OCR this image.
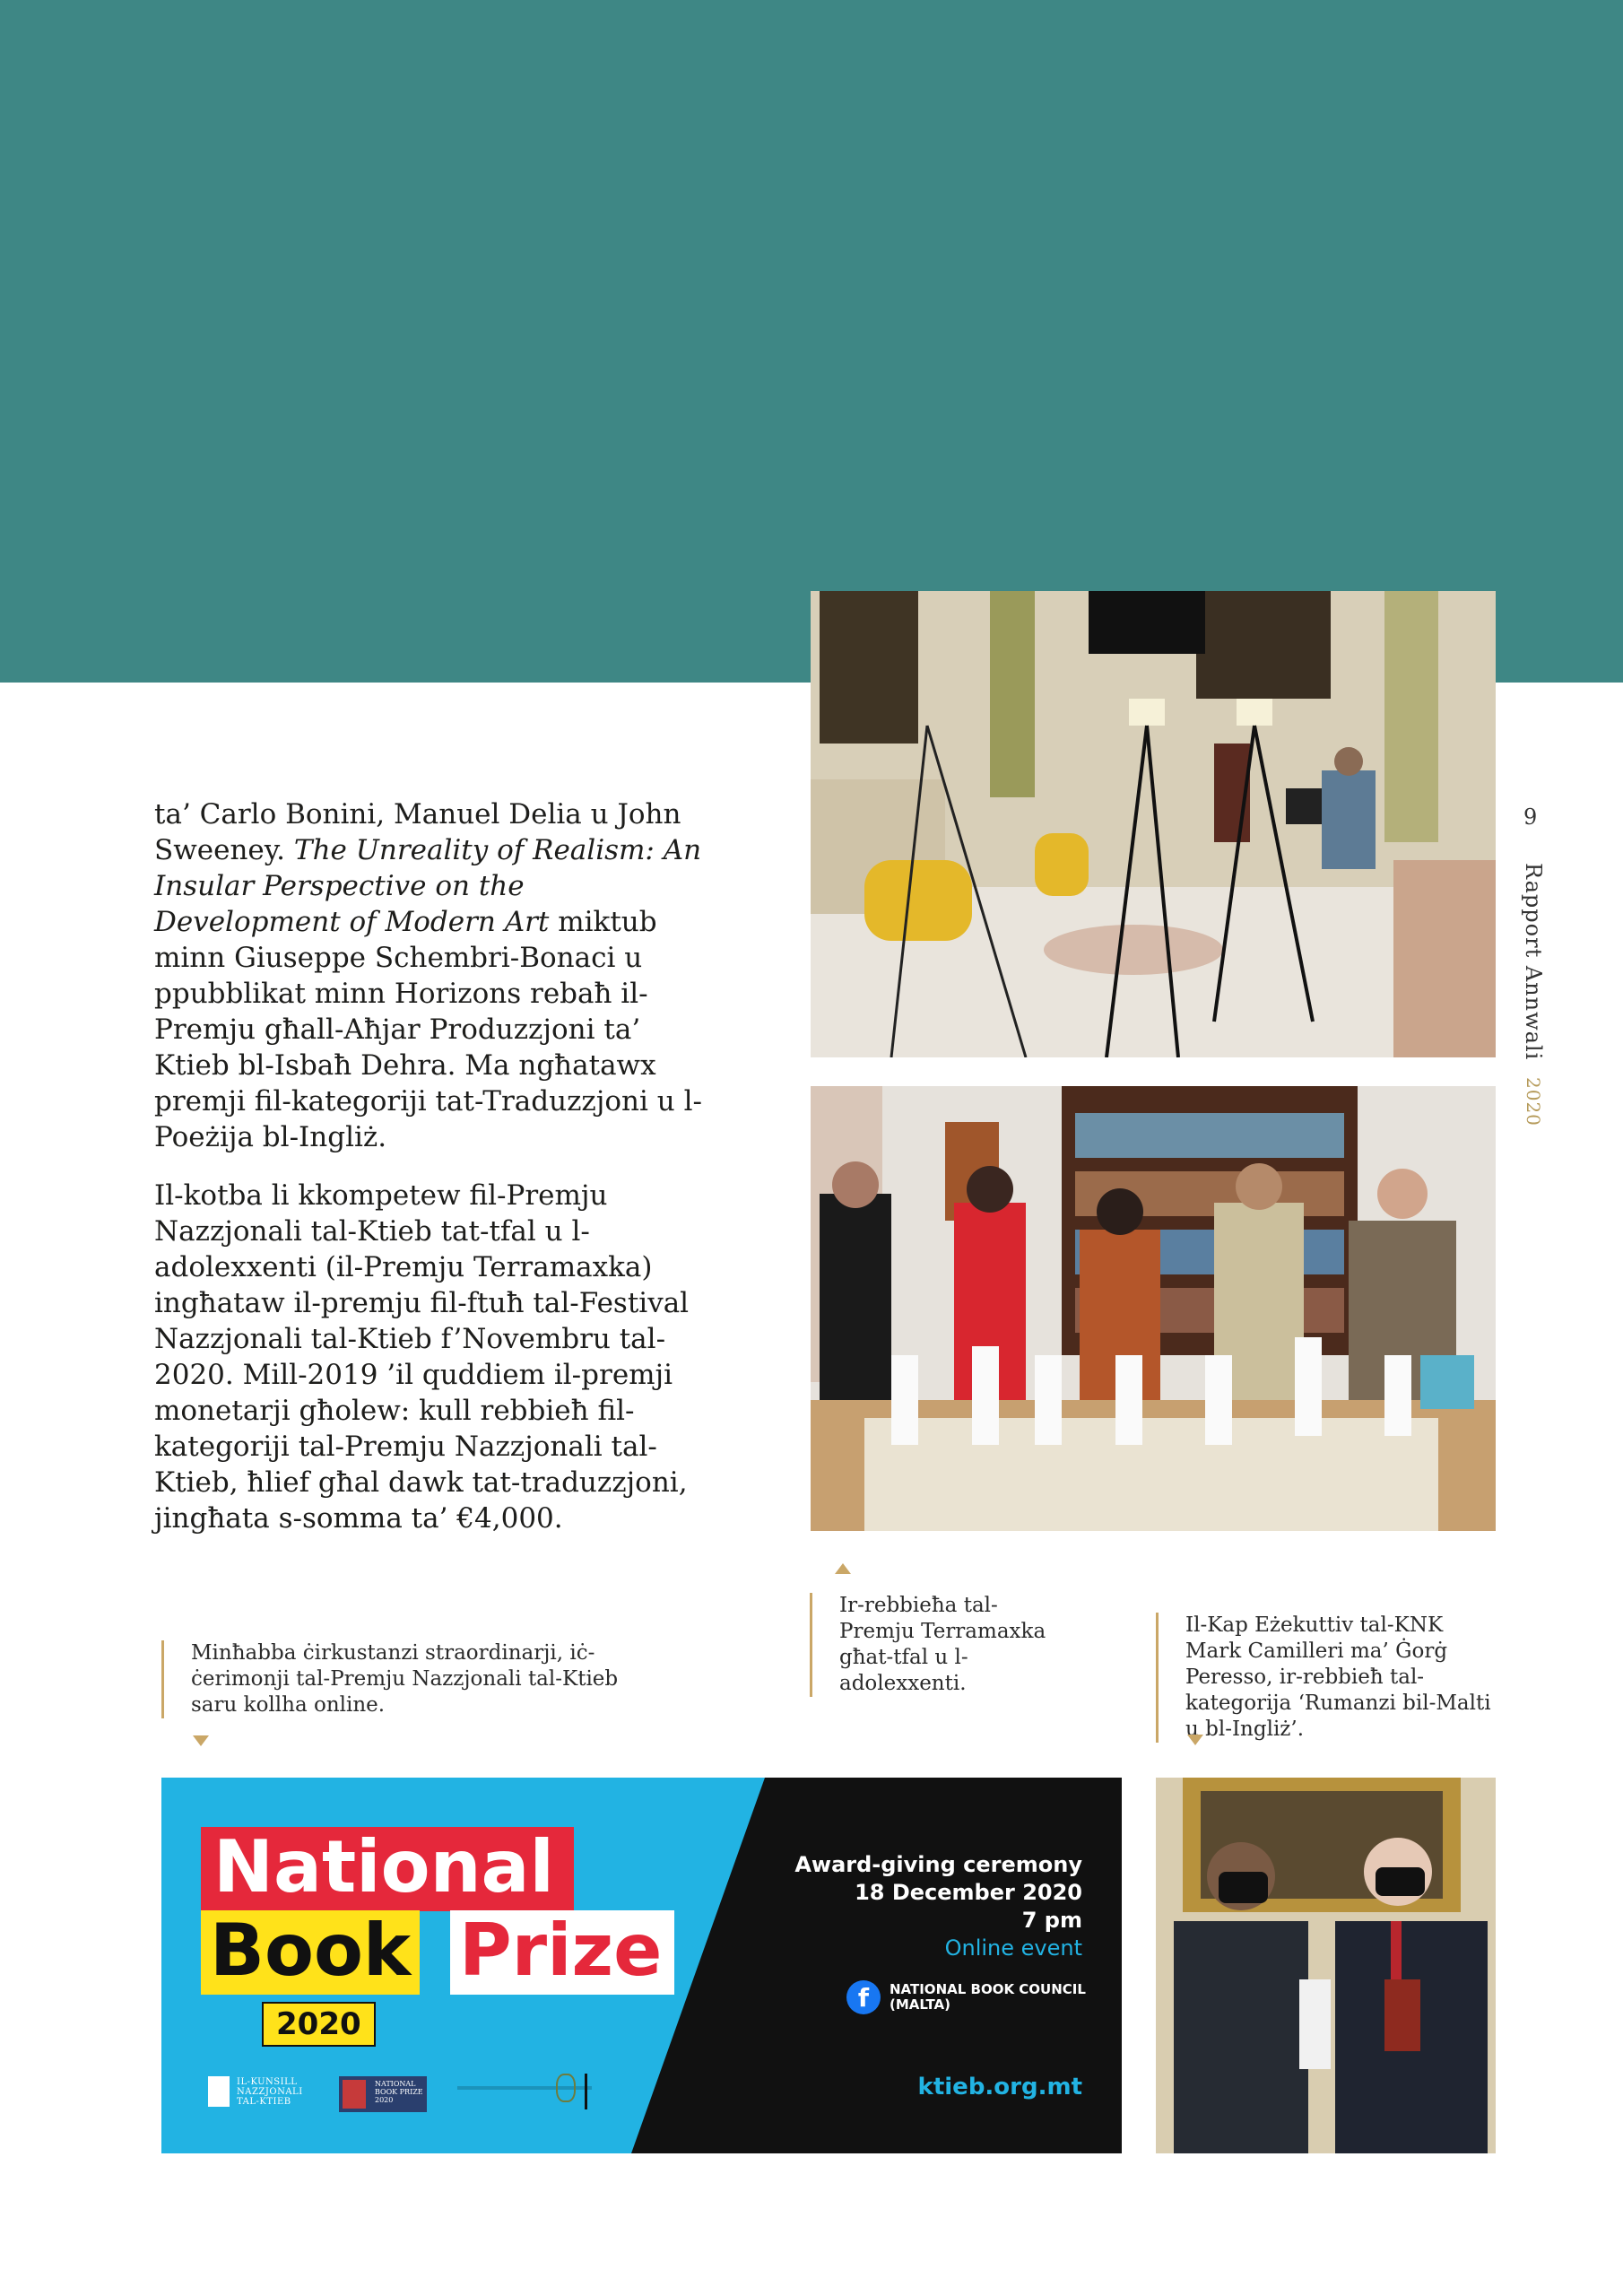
ta’ Carlo Bonini, Manuel Delia u John Sweeney. The Unreality of Realism: An Insular Perspective on the Development of Modern Art miktub minn Giuseppe Schembri-Bonaci u ppubblikat minn Horizons rebaħ il-Premju għall-Aħjar Produzzjoni ta’ Ktieb bl-Isbaħ Dehra. Ma ngħatawx premji fil-kategoriji tat-Traduzzjoni u l-Poeżija bl-Ingliż.

Il-kotba li kkompetew fil-Premju Nazzjonali tal-Ktieb tat-tfal u l-adolexxenti (il-Premju Terramaxka) ingħataw il-premju fil-ftuħ tal-Festival Nazzjonali tal-Ktieb f’Novembru tal-2020. Mill-2019 ’il quddiem il-premji monetarji għolew: kull rebbieħ fil-kategoriji tal-Premju Nazzjonali tal-Ktieb, ħlief għal dawk tat-traduzzjoni, jingħata s-somma ta’ €4,000.

9
Rapport Annwali 2020
Minħabba ċirkustanzi straordinarji, iċ-ċerimonji tal-Premju Nazzjonali tal-Ktieb saru kollha online.
Ir-rebbieħa tal-Premju Terramaxka għat-tfal u l-adolexxenti.
Il-Kap Eżekuttiv tal-KNK Mark Camilleri ma’ Ġorġ Peresso, ir-rebbieħ tal-kategorija ‘Rumanzi bil-Malti u bl-Ingliż’.
National
Book Prize
2020
Award-giving ceremony
18 December 2020
7 pm
Online event
f	NATIONAL BOOK COUNCIL
(MALTA)
ktieb.org.mt
IL-KUNSILL
NAZZJONALI
TAL-KTIEB
NATIONAL
BOOK PRIZE
2020
